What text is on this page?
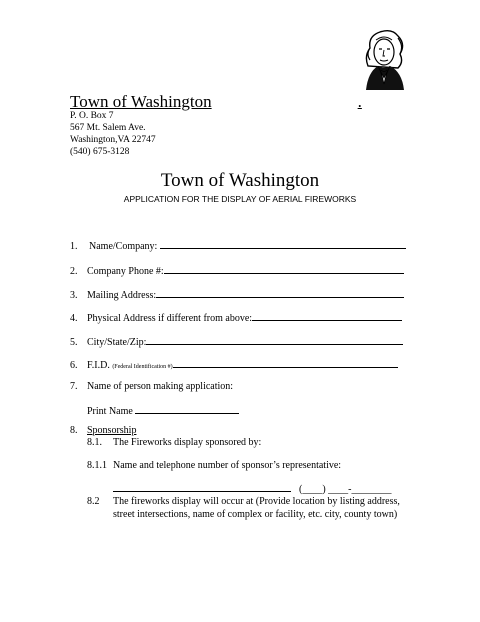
Town of Washington	.
P. O. Box 7
567 Mt. Salem Ave.
Washington,VA 22747
(540) 675-3128
Town of Washington
APPLICATION FOR THE DISPLAY OF AERIAL FIREWORKS
1. Name/Company:
2. Company Phone #:
3. Mailing Address:
4. Physical Address if different from above:
5. City/State/Zip:
6. F.I.D. (Federal Identification #)
7. Name of person making application:
Print Name
8. Sponsorship
8.1. The Fireworks display sponsored by:
8.1.1 Name and telephone number of sponsor’s representative:
(____) ____-________
8.2 The fireworks display will occur at (Provide location by listing address,
street intersections, name of complex or facility, etc. city, county town)
